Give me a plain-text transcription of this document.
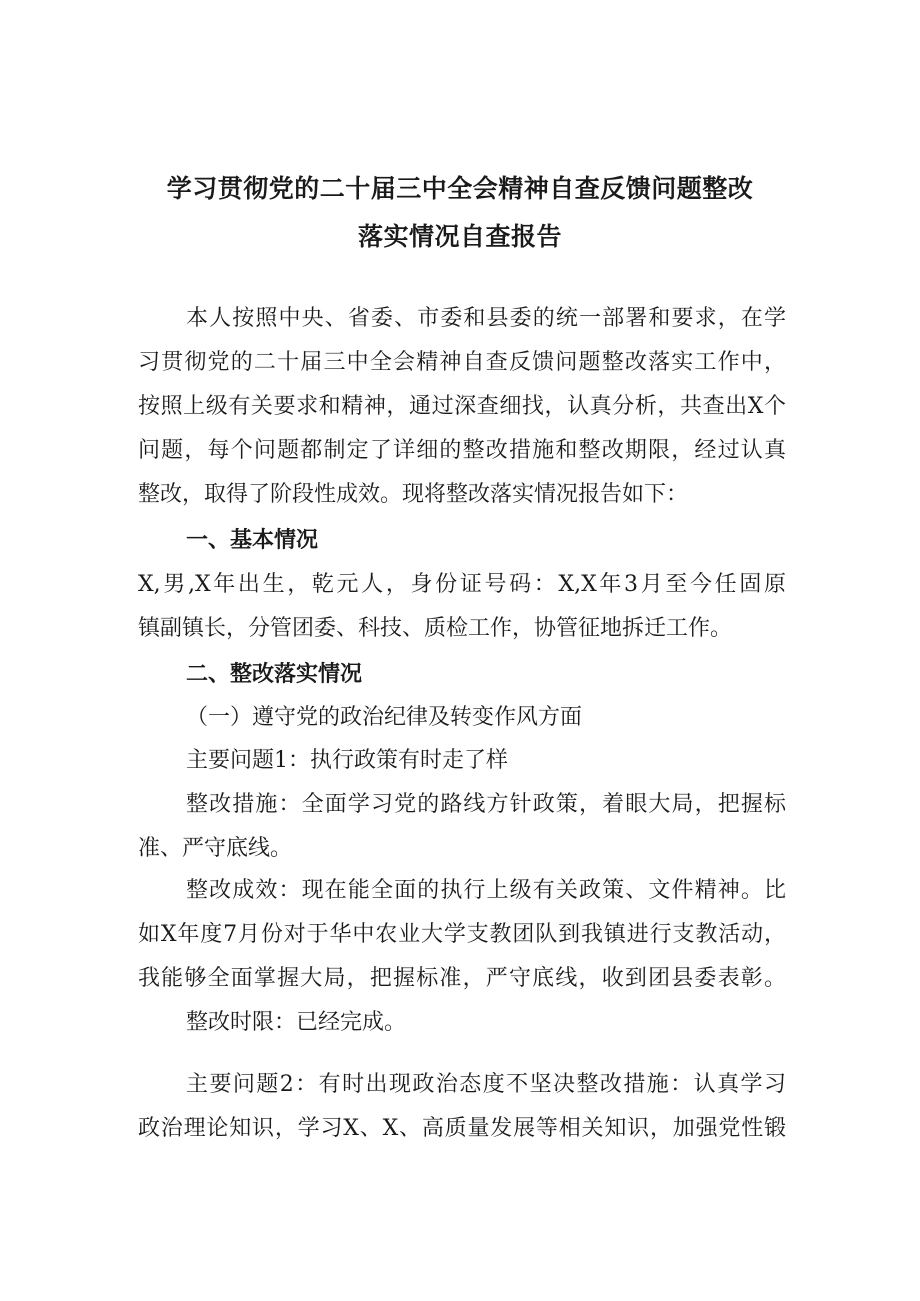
学习贯彻党的二十届三中全会精神自查反馈问题整改
落实情况自查报告
本人按照中央、省委、市委和县委的统一部署和要求，在学
习贯彻党的二十届三中全会精神自查反馈问题整改落实工作中，
按照上级有关要求和精神，通过深查细找，认真分析，共查出X个
问题，每个问题都制定了详细的整改措施和整改期限，经过认真
整改，取得了阶段性成效。现将整改落实情况报告如下：
一、基本情况
X,男,X年出生，乾元人，身份证号码：X,X年3月至今任固原
镇副镇长，分管团委、科技、质检工作，协管征地拆迁工作。
二、整改落实情况
（一）遵守党的政治纪律及转变作风方面
主要问题1：执行政策有时走了样
整改措施：全面学习党的路线方针政策，着眼大局，把握标
准、严守底线。
整改成效：现在能全面的执行上级有关政策、文件精神。比
如X年度7月份对于华中农业大学支教团队到我镇进行支教活动，
我能够全面掌握大局，把握标准，严守底线，收到团县委表彰。
整改时限：已经完成。
主要问题2：有时出现政治态度不坚决整改措施：认真学习
政治理论知识，学习X、X、高质量发展等相关知识，加强党性锻
